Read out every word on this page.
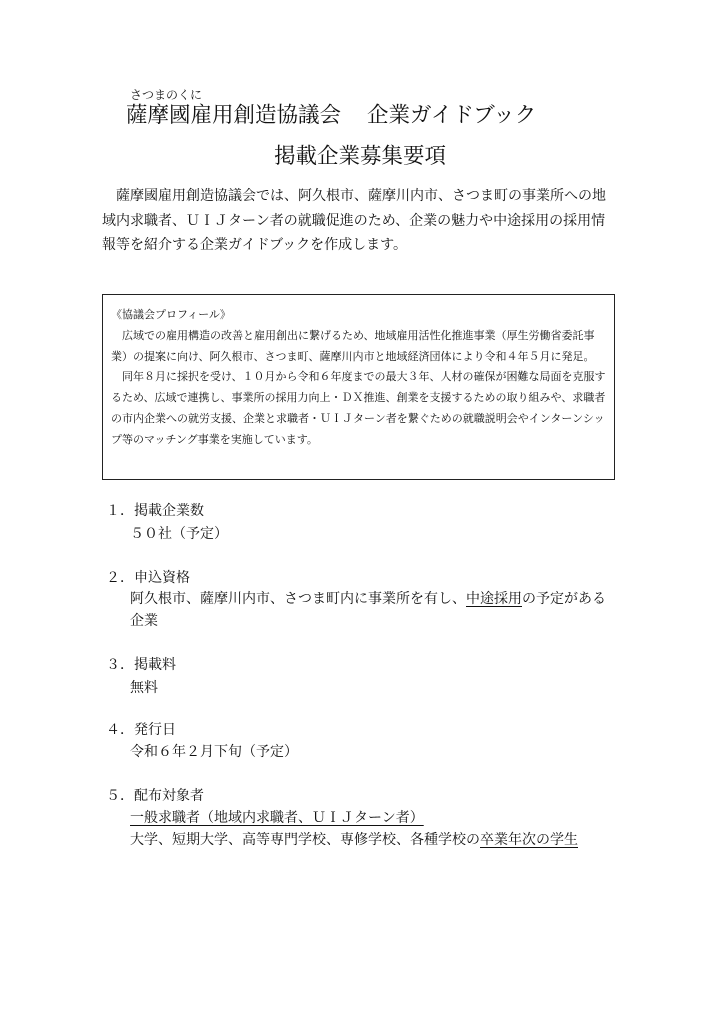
さつまのくに
薩摩國雇用創造協議会 企業ガイドブック
掲載企業募集要項
薩摩國雇用創造協議会では、阿久根市、薩摩川内市、さつま町の事業所への地域内求職者、ＵＩＪターン者の就職促進のため、企業の魅力や中途採用の採用情報等を紹介する企業ガイドブックを作成します。

《協議会プロフィール》

広域での雇用構造の改善と雇用創出に繋げるため、地域雇用活性化推進事業（厚生労働省委託事業）の提案に向け、阿久根市、さつま町、薩摩川内市と地域経済団体により令和４年５月に発足。

同年８月に採択を受け、１０月から令和６年度までの最大３年、人材の確保が困難な局面を克服するため、広域で連携し、事業所の採用力向上・ＤＸ推進、創業を支援するための取り組みや、求職者の市内企業への就労支援、企業と求職者・ＵＩＪターン者を繋ぐための就職説明会やインターンシップ等のマッチング事業を実施しています。

１．掲載企業数
５０社（予定）
２．申込資格
阿久根市、薩摩川内市、さつま町内に事業所を有し、中途採用の予定がある企業
３．掲載料
無料
４．発行日
令和６年２月下旬（予定）
５．配布対象者
一般求職者（地域内求職者、ＵＩＪターン者）
大学、短期大学、高等専門学校、専修学校、各種学校の卒業年次の学生
